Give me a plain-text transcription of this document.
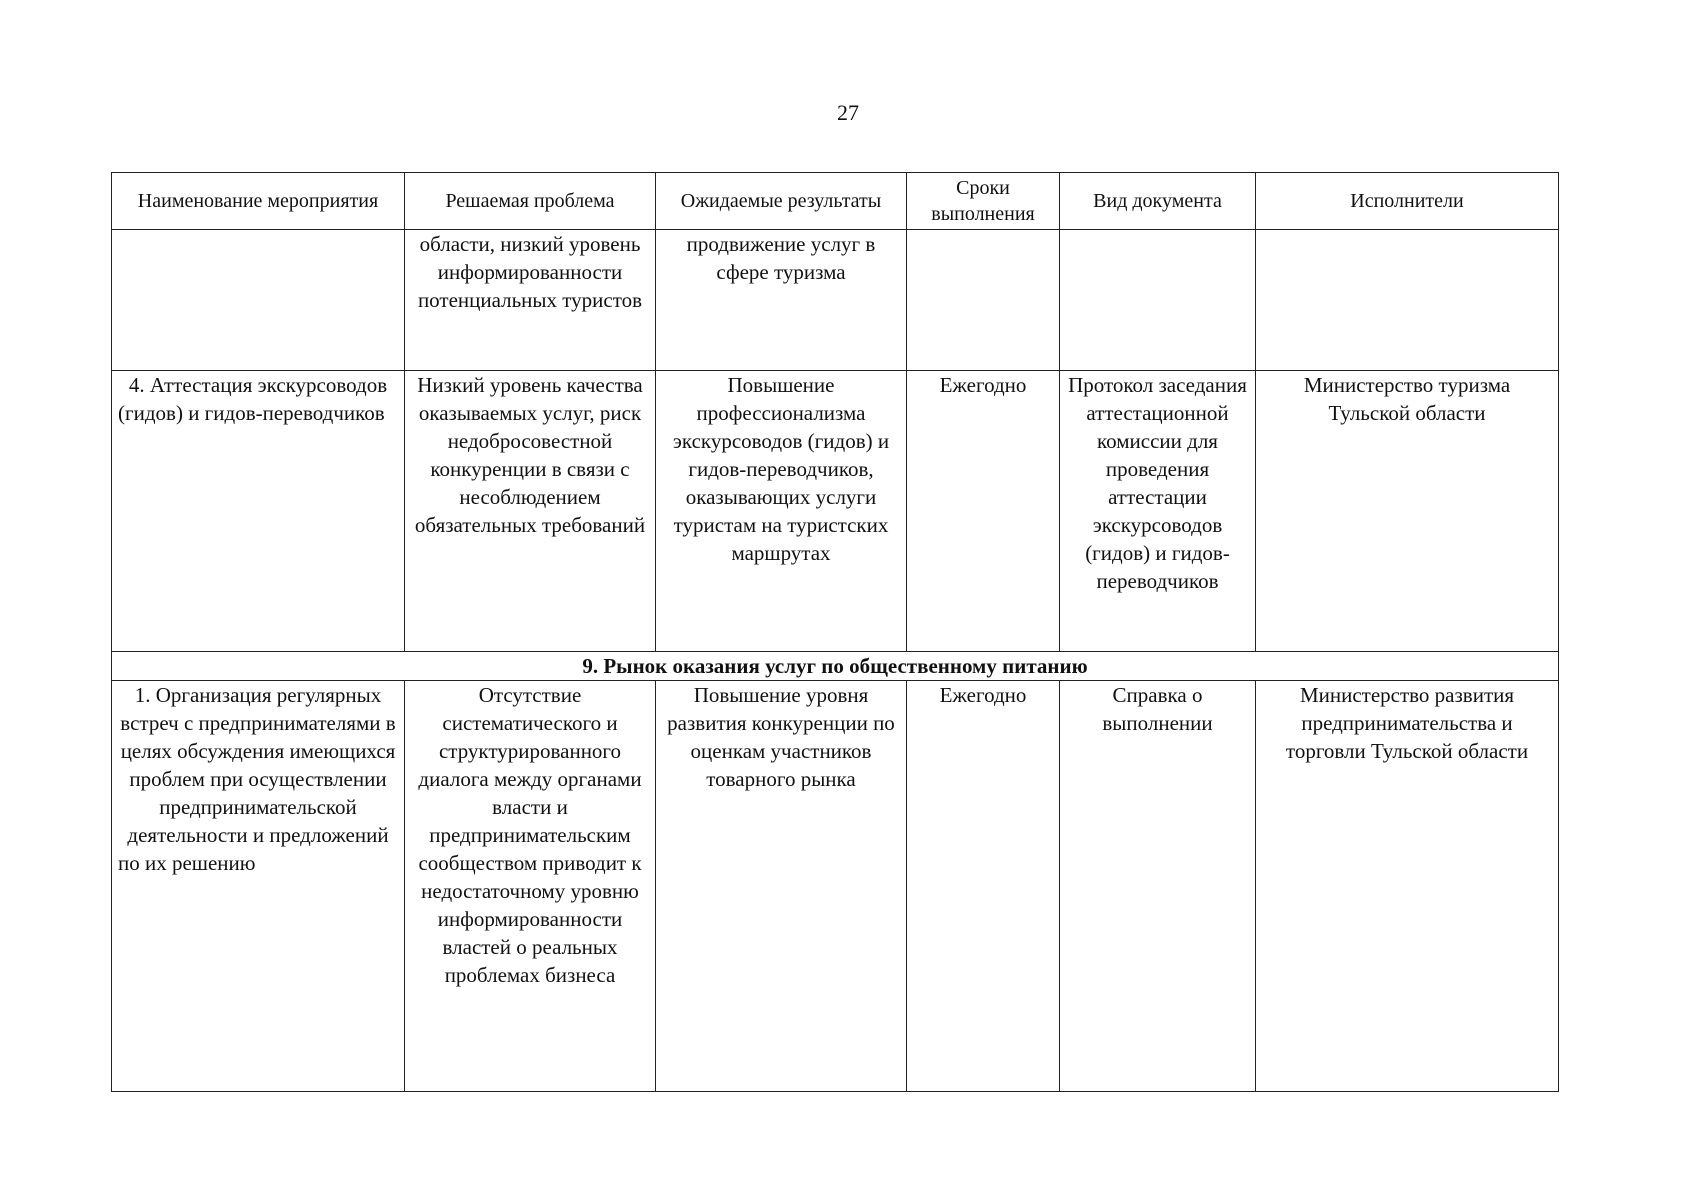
27
Наименование мероприятия	Решаемая проблема	Ожидаемые результаты	Сроки выполнения	Вид документа	Исполнители
	области, низкий уровень информированности потенциальных туристов	продвижение услуг в сфере туризма			
4. Аттестация экскурсоводов (гидов) и гидов-переводчиков	Низкий уровень качества оказываемых услуг, риск недобросовестной конкуренции в связи с несоблюдением обязательных требований	Повышение профессионализма экскурсоводов (гидов) и гидов-переводчиков, оказывающих услуги туристам на туристских маршрутах	Ежегодно	Протокол заседания аттестационной комиссии для проведения аттестации экскурсоводов (гидов) и гидов-переводчиков	Министерство туризма Тульской области
9. Рынок оказания услуг по общественному питанию					
1. Организация регулярных встреч с предпринимателями в целях обсуждения имеющихся проблем при осуществлении предпринимательской деятельности и предложений по их решению	Отсутствие систематического и структурированного диалога между органами власти и предпринимательским сообществом приводит к недостаточному уровню информированности властей о реальных проблемах бизнеса	Повышение уровня развития конкуренции по оценкам участников товарного рынка	Ежегодно	Справка о выполнении	Министерство развития предпринимательства и торговли Тульской области
